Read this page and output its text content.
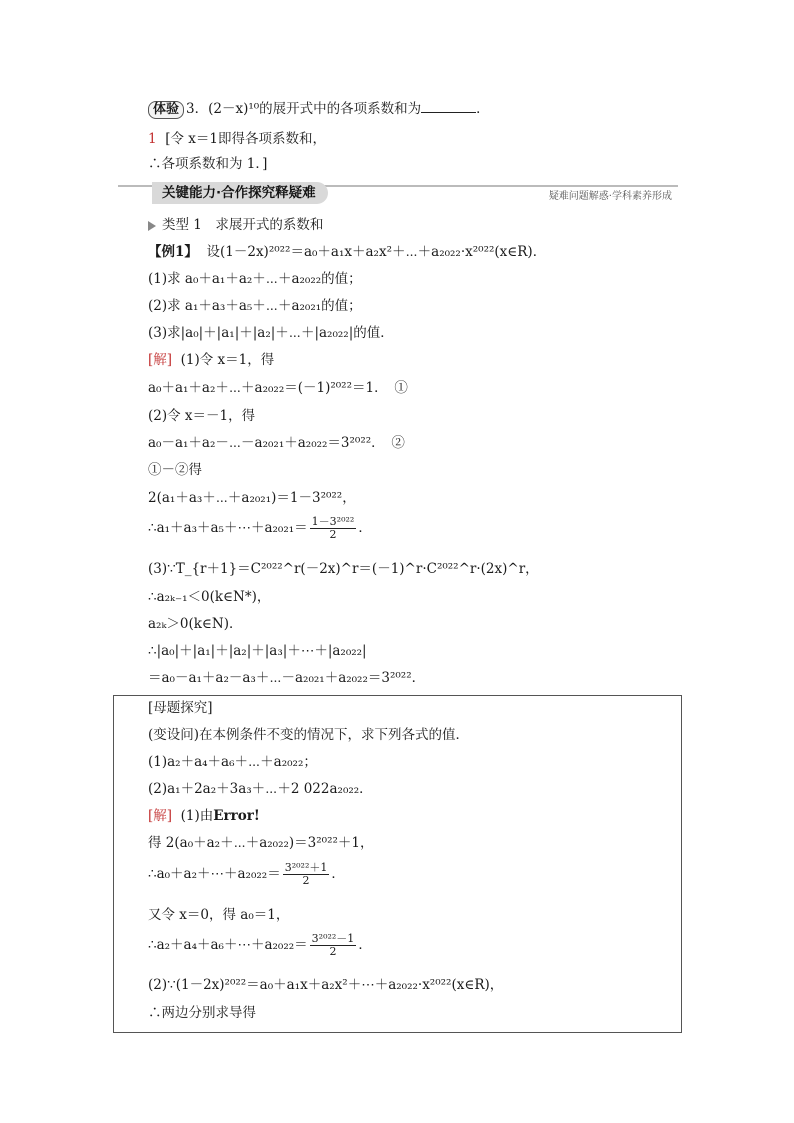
体验 3．(2－x)¹⁰的展开式中的各项系数和为	．
1 [令 x＝1即得各项系数和，
∴各项系数和为 1．]
关键能力·合作探究释疑难	疑难问题解惑·学科素养形成
类型 1　求展开式的系数和
【例1】 设(1－2x)²⁰²²＝a₀＋a₁x＋a₂x²＋⋯＋a₂₀₂₂·x²⁰²²(x∈R)．
(1)求 a₀＋a₁＋a₂＋⋯＋a₂₀₂₂的值；
(2)求 a₁＋a₃＋a₅＋⋯＋a₂₀₂₁的值；
(3)求|a₀|＋|a₁|＋|a₂|＋⋯＋|a₂₀₂₂|的值．
[解] (1)令 x＝1，得
a₀＋a₁＋a₂＋⋯＋a₂₀₂₂＝(－1)²⁰²²＝1．　①
(2)令 x＝－1，得
a₀－a₁＋a₂－⋯－a₂₀₂₁＋a₂₀₂₂＝3²⁰²²．　②
①－②得
2(a₁＋a₃＋⋯＋a₂₀₂₁)＝1－3²⁰²²，
∴a₁＋a₃＋a₅＋⋯＋a₂₀₂₁＝ $\frac{\text{1－3²⁰²²}}{2}$ ．
(3)∵T_{r＋1}＝C²⁰²²^r(－2x)^r＝(－1)^r·C²⁰²²^r·(2x)^r，
∴a₂ₖ₋₁＜0(k∈N*)，
a₂ₖ＞0(k∈N)．
∴|a₀|＋|a₁|＋|a₂|＋|a₃|＋⋯＋|a₂₀₂₂|
＝a₀－a₁＋a₂－a₃＋⋯－a₂₀₂₁＋a₂₀₂₂＝3²⁰²²．
[母题探究]
(变设问)在本例条件不变的情况下，求下列各式的值．
(1)a₂＋a₄＋a₆＋⋯＋a₂₀₂₂；
(2)a₁＋2a₂＋3a₃＋⋯＋2 022a₂₀₂₂．
[解] (1)由Error!
得 2(a₀＋a₂＋⋯＋a₂₀₂₂)＝3²⁰²²＋1，
∴a₀＋a₂＋⋯＋a₂₀₂₂＝ $\frac{\text{3²⁰²²＋1}}{2}$ ．
又令 x＝0，得 a₀＝1，
∴a₂＋a₄＋a₆＋⋯＋a₂₀₂₂＝ $\frac{\text{3²⁰²²－1}}{2}$ ．
(2)∵(1－2x)²⁰²²＝a₀＋a₁x＋a₂x²＋⋯＋a₂₀₂₂·x²⁰²²(x∈R)，
∴两边分别求导得
